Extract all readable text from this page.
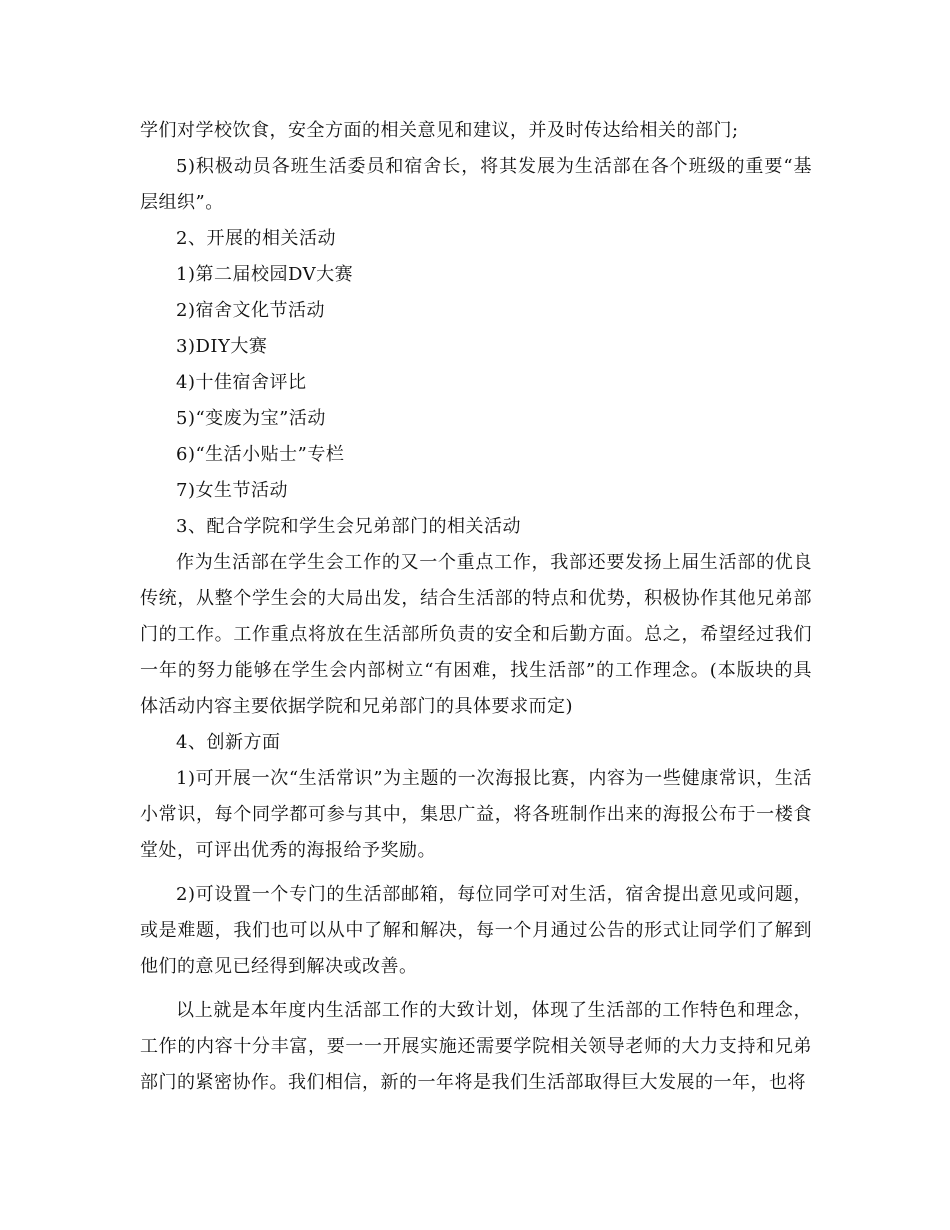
学们对学校饮食，安全方面的相关意见和建议，并及时传达给相关的部门;

5)积极动员各班生活委员和宿舍长，将其发展为生活部在各个班级的重要“基层组织”。

2、开展的相关活动

1)第二届校园DV大赛

2)宿舍文化节活动

3)DIY大赛

4)十佳宿舍评比

5)“变废为宝”活动

6)“生活小贴士”专栏

7)女生节活动

3、配合学院和学生会兄弟部门的相关活动

作为生活部在学生会工作的又一个重点工作，我部还要发扬上届生活部的优良传统，从整个学生会的大局出发，结合生活部的特点和优势，积极协作其他兄弟部门的工作。工作重点将放在生活部所负责的安全和后勤方面。总之，希望经过我们一年的努力能够在学生会内部树立“有困难，找生活部”的工作理念。(本版块的具体活动内容主要依据学院和兄弟部门的具体要求而定)

4、创新方面

1)可开展一次“生活常识”为主题的一次海报比赛，内容为一些健康常识，生活小常识，每个同学都可参与其中，集思广益，将各班制作出来的海报公布于一楼食堂处，可评出优秀的海报给予奖励。

2)可设置一个专门的生活部邮箱，每位同学可对生活，宿舍提出意见或问题，或是难题，我们也可以从中了解和解决，每一个月通过公告的形式让同学们了解到他们的意见已经得到解决或改善。

以上就是本年度内生活部工作的大致计划，体现了生活部的工作特色和理念，工作的内容十分丰富，要一一开展实施还需要学院相关领导老师的大力支持和兄弟部门的紧密协作。我们相信，新的一年将是我们生活部取得巨大发展的一年，也将
